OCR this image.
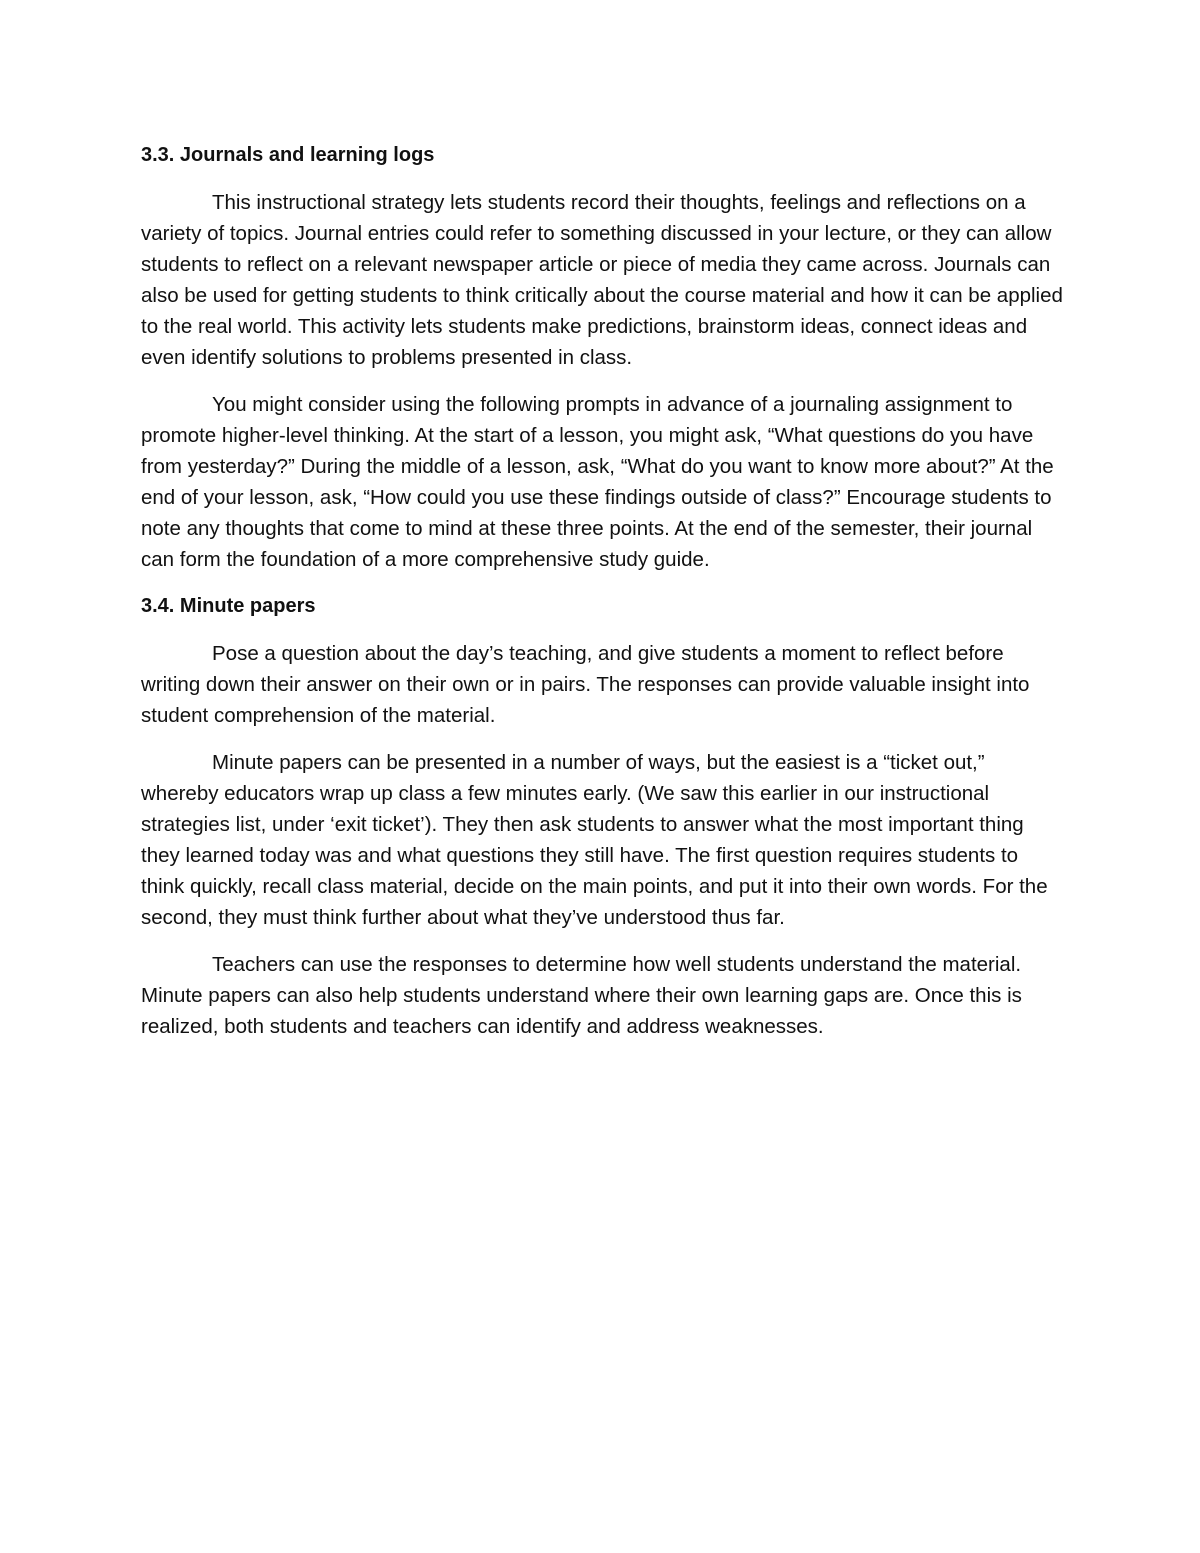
3.3. Journals and learning logs

This instructional strategy lets students record their thoughts, feelings and reflections on a variety of topics. Journal entries could refer to something discussed in your lecture, or they can allow students to reflect on a relevant newspaper article or piece of media they came across. Journals can also be used for getting students to think critically about the course material and how it can be applied to the real world. This activity lets students make predictions, brainstorm ideas, connect ideas and even identify solutions to problems presented in class.

You might consider using the following prompts in advance of a journaling assignment to promote higher-level thinking. At the start of a lesson, you might ask, “What questions do you have from yesterday?” During the middle of a lesson, ask, “What do you want to know more about?” At the end of your lesson, ask, “How could you use these findings outside of class?” Encourage students to note any thoughts that come to mind at these three points. At the end of the semester, their journal can form the foundation of a more comprehensive study guide.

3.4. Minute papers

Pose a question about the day’s teaching, and give students a moment to reflect before writing down their answer on their own or in pairs. The responses can provide valuable insight into student comprehension of the material.

Minute papers can be presented in a number of ways, but the easiest is a “ticket out,” whereby educators wrap up class a few minutes early. (We saw this earlier in our instructional strategies list, under ‘exit ticket’). They then ask students to answer what the most important thing they learned today was and what questions they still have. The first question requires students to think quickly, recall class material, decide on the main points, and put it into their own words. For the second, they must think further about what they’ve understood thus far.

Teachers can use the responses to determine how well students understand the material. Minute papers can also help students understand where their own learning gaps are. Once this is realized, both students and teachers can identify and address weaknesses.
